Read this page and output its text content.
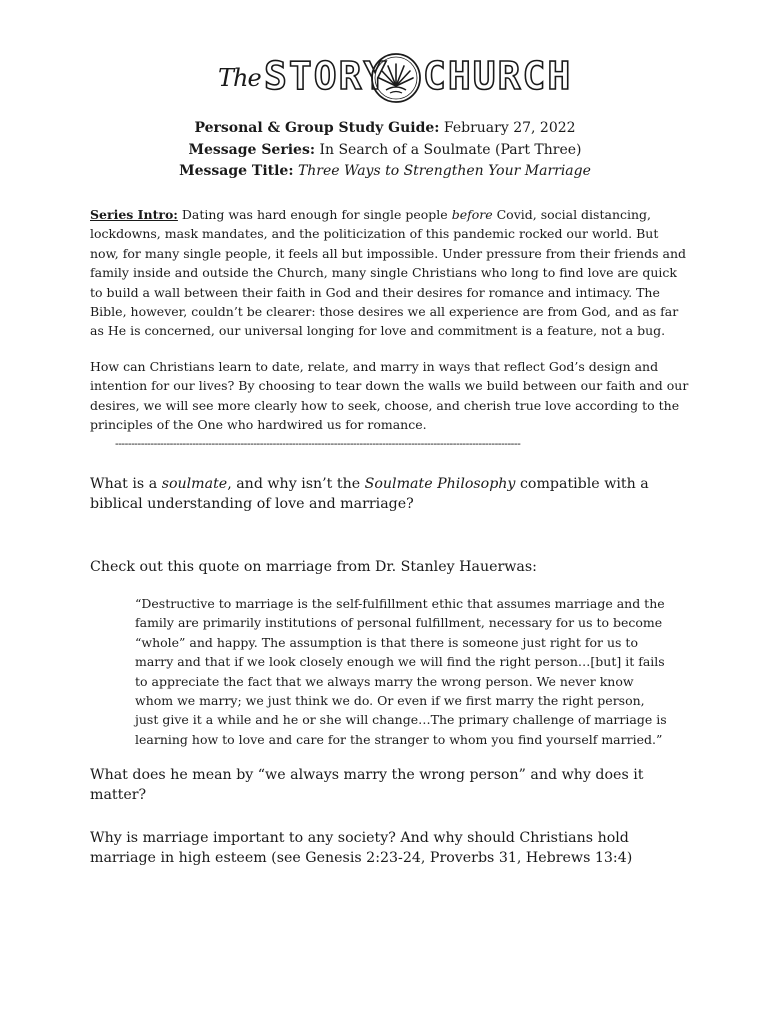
The STORY CHURCH
Personal & Group Study Guide: February 27, 2022
Message Series: In Search of a Soulmate (Part Three)
Message Title: Three Ways to Strengthen Your Marriage

Series Intro: Dating was hard enough for single people before Covid, social distancing, lockdowns, mask mandates, and the politicization of this pandemic rocked our world. But now, for many single people, it feels all but impossible. Under pressure from their friends and family inside and outside the Church, many single Christians who long to find love are quick to build a wall between their faith in God and their desires for romance and intimacy. The Bible, however, couldn’t be clearer: those desires we all experience are from God, and as far as He is concerned, our universal longing for love and commitment is a feature, not a bug.

How can Christians learn to date, relate, and marry in ways that reflect God’s design and intention for our lives? By choosing to tear down the walls we build between our faith and our desires, we will see more clearly how to seek, choose, and cherish true love according to the principles of the One who hardwired us for romance.

------------------------------------------------------------------------------------------------------------------------------

What is a soulmate, and why isn’t the Soulmate Philosophy compatible with a biblical understanding of love and marriage?

Check out this quote on marriage from Dr. Stanley Hauerwas:

“Destructive to marriage is the self-fulfillment ethic that assumes marriage and the family are primarily institutions of personal fulfillment, necessary for us to become “whole” and happy. The assumption is that there is someone just right for us to marry and that if we look closely enough we will find the right person…[but] it fails to appreciate the fact that we always marry the wrong person. We never know whom we marry; we just think we do. Or even if we first marry the right person, just give it a while and he or she will change…The primary challenge of marriage is learning how to love and care for the stranger to whom you find yourself married.”

What does he mean by “we always marry the wrong person” and why does it matter?

Why is marriage important to any society? And why should Christians hold marriage in high esteem (see Genesis 2:23-24, Proverbs 31, Hebrews 13:4)
